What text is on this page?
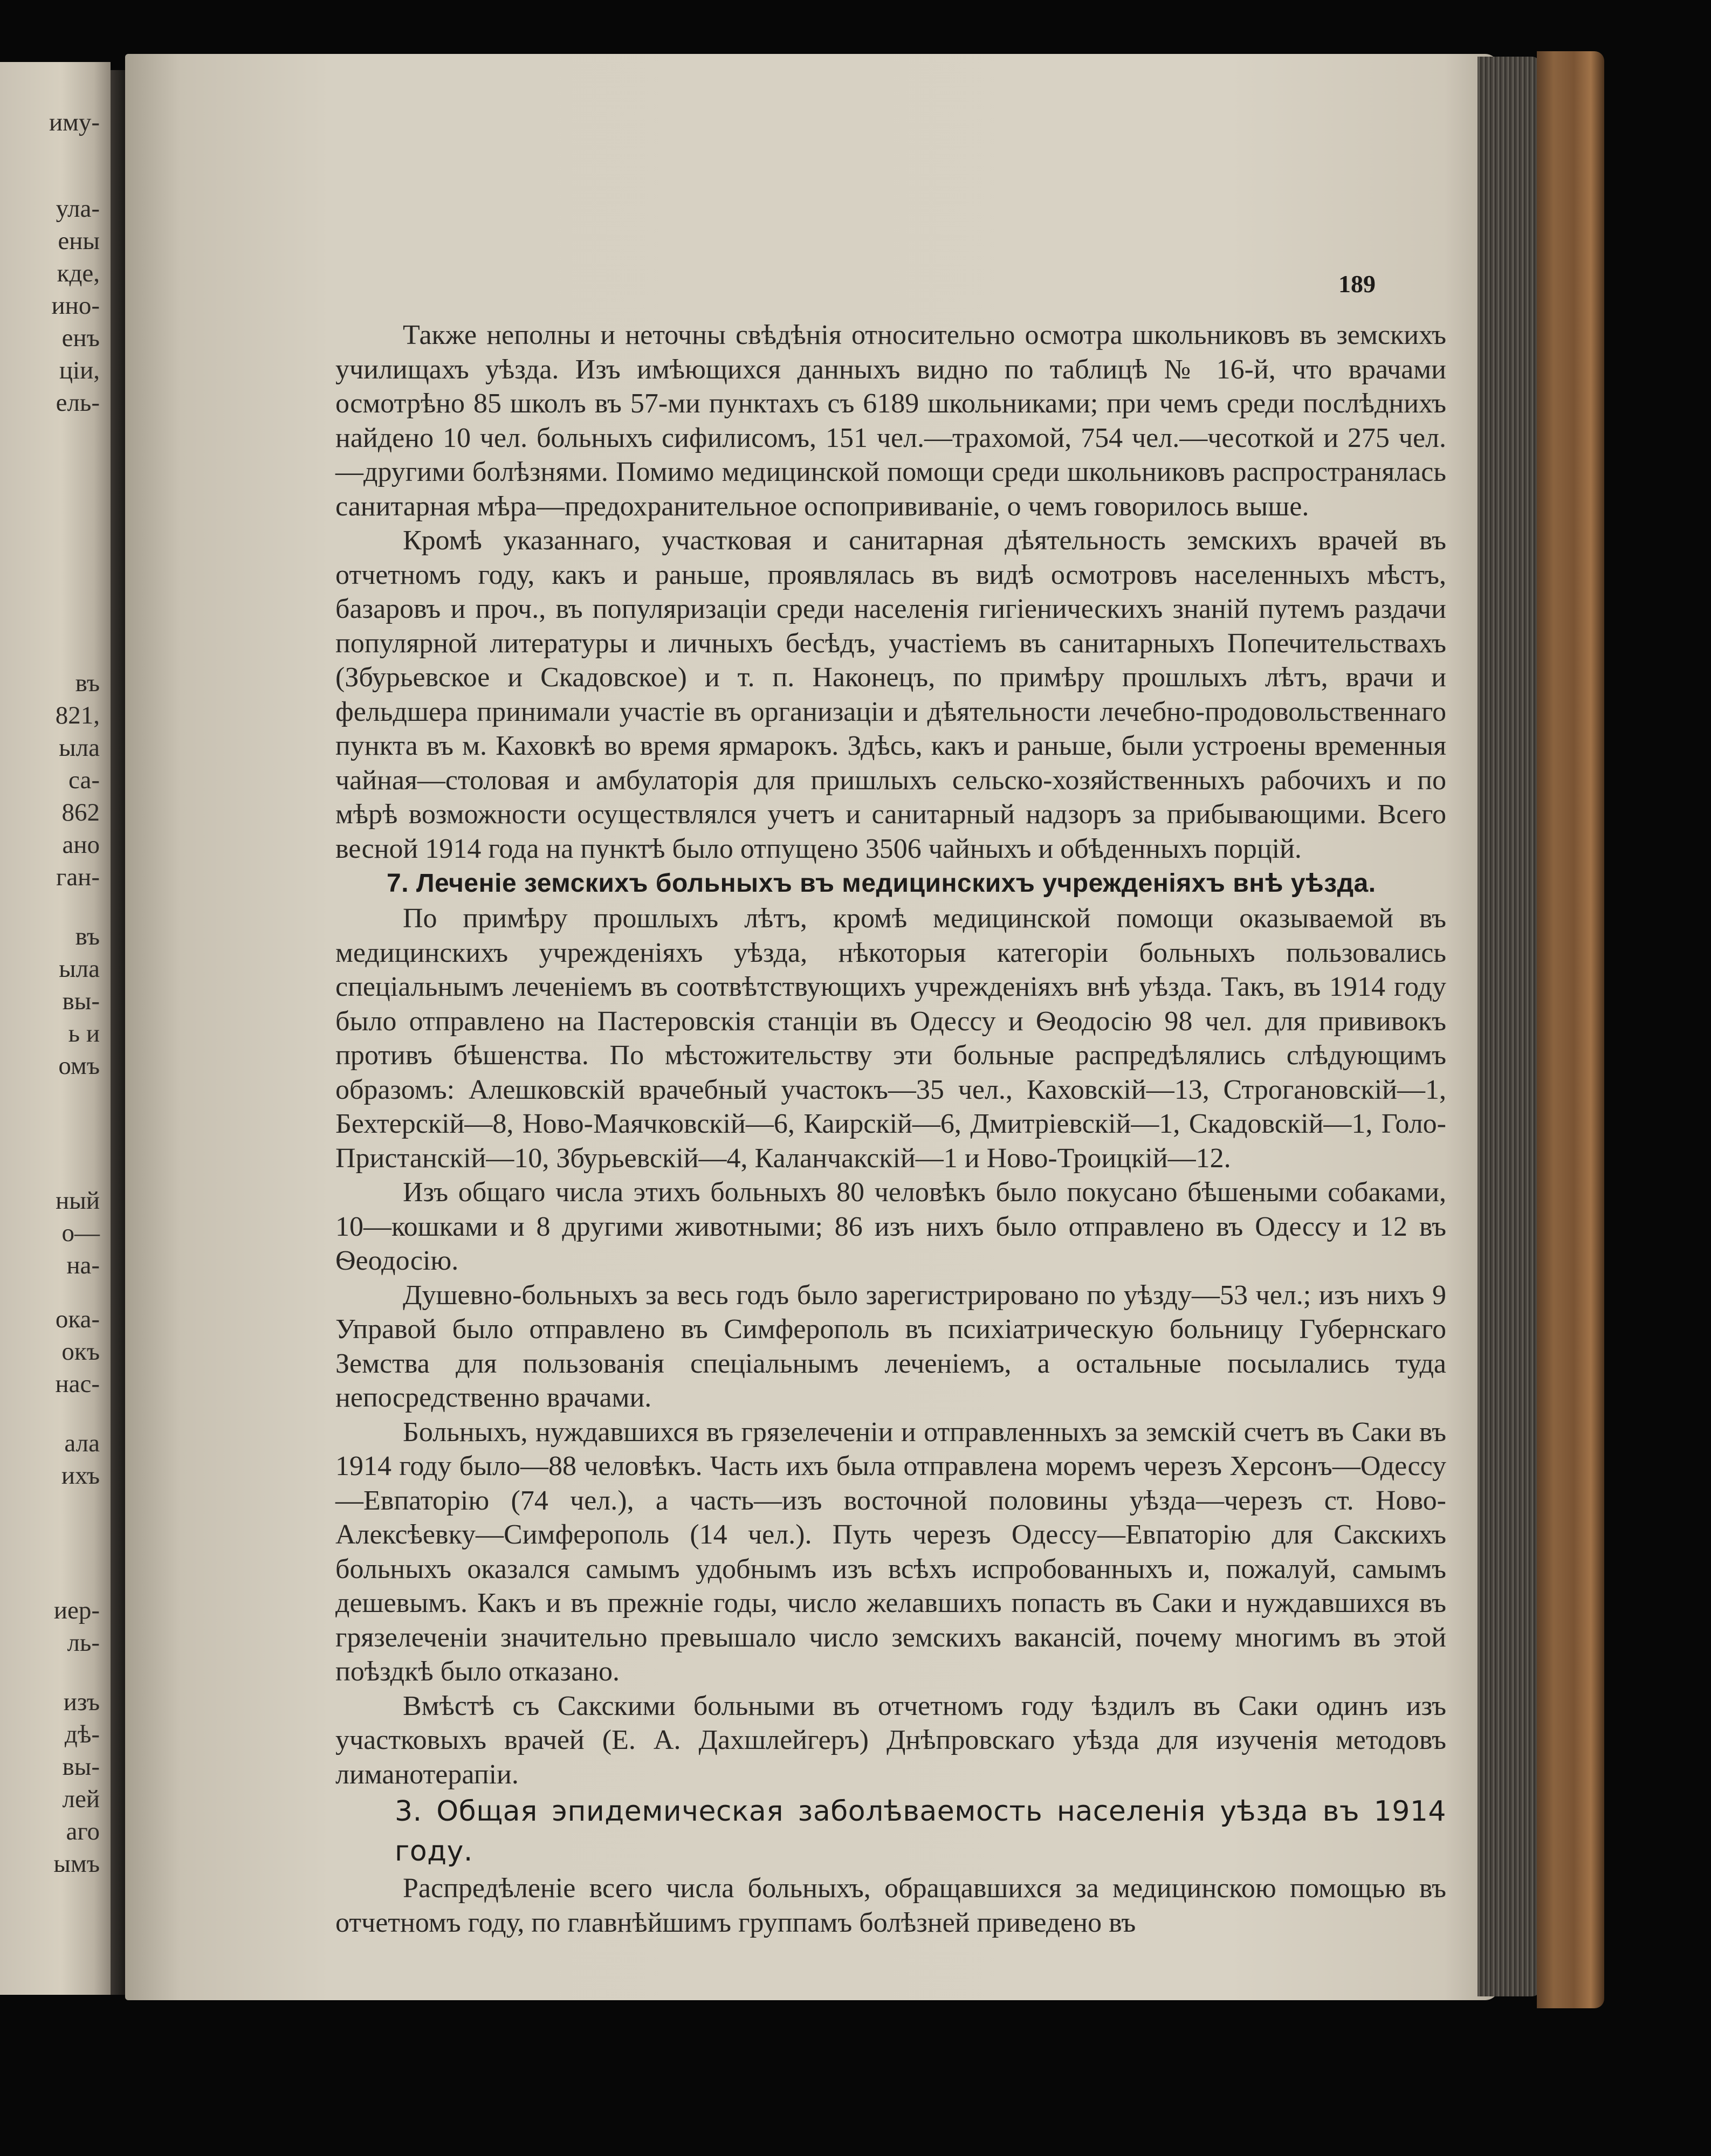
иму-
ула-
ены
кде,
ино-
енъ
ціи,
ель-
въ
821,
ыла
са-
862
ано
ган-
въ
ыла
вы-
ь и
омъ
ный
о—
на-
ока-
окъ
нас-
ала
ихъ
иер-
ль-
изъ
дѣ-
вы-
лей
аго
ымъ
189

Также неполны и неточны свѣдѣнія относительно осмотра школьниковъ въ земскихъ училищахъ уѣзда. Изъ имѣющихся данныхъ видно по таблицѣ № 16-й, что врачами осмотрѣно 85 школъ въ 57-ми пунктахъ съ 6189 школьниками; при чемъ среди послѣднихъ найдено 10 чел. больныхъ сифилисомъ, 151 чел.—трахомой, 754 чел.—чесоткой и 275 чел.—другими болѣзнями. Помимо медицинской помощи среди школьниковъ распространялась санитарная мѣра—предохранительное оспопрививаніе, о чемъ говорилось выше.

Кромѣ указаннаго, участковая и санитарная дѣятельность земскихъ врачей въ отчетномъ году, какъ и раньше, проявлялась въ видѣ осмотровъ населенныхъ мѣстъ, базаровъ и проч., въ популяризаціи среди населенія гигіеническихъ знаній путемъ раздачи популярной литературы и личныхъ бесѣдъ, участіемъ въ санитарныхъ Попечительствахъ (Збурьевское и Скадовское) и т. п. Наконецъ, по примѣру прошлыхъ лѣтъ, врачи и фельдшера принимали участіе въ организаціи и дѣятельности лечебно-продовольственнаго пункта въ м. Каховкѣ во время ярмарокъ. Здѣсь, какъ и раньше, были устроены временныя чайная—столовая и амбулаторія для пришлыхъ сельско-хозяйственныхъ рабочихъ и по мѣрѣ возможности осуществлялся учетъ и санитарный надзоръ за прибывающими. Всего весной 1914 года на пунктѣ было отпущено 3506 чайныхъ и обѣденныхъ порцій.

7. Леченіе земскихъ больныхъ въ медицинскихъ учрежденіяхъ внѣ уѣзда.

По примѣру прошлыхъ лѣтъ, кромѣ медицинской помощи оказываемой въ медицинскихъ учрежденіяхъ уѣзда, нѣкоторыя категоріи больныхъ пользовались спеціальнымъ леченіемъ въ соотвѣтствующихъ учрежденіяхъ внѣ уѣзда. Такъ, въ 1914 году было отправлено на Пастеровскія станціи въ Одессу и Ѳеодосію 98 чел. для прививокъ противъ бѣшенства. По мѣстожительству эти больные распредѣлялись слѣдующимъ образомъ: Алешковскій врачебный участокъ—35 чел., Каховскій—13, Строгановскій—1, Бехтерскій—8, Ново-Маячковскій—6, Каирскій—6, Дмитріевскій—1, Скадовскій—1, Голо-Пристанскій—10, Збурьевскій—4, Каланчакскій—1 и Ново-Троицкій—12.

Изъ общаго числа этихъ больныхъ 80 человѣкъ было покусано бѣшеными собаками, 10—кошками и 8 другими животными; 86 изъ нихъ было отправлено въ Одессу и 12 въ Ѳеодосію.

Душевно-больныхъ за весь годъ было зарегистрировано по уѣзду—53 чел.; изъ нихъ 9 Управой было отправлено въ Симферополь въ психіатрическую больницу Губернскаго Земства для пользованія спеціальнымъ леченіемъ, а остальные посылались туда непосредственно врачами.

Больныхъ, нуждавшихся въ грязелеченіи и отправленныхъ за земскій счетъ въ Саки въ 1914 году было—88 человѣкъ. Часть ихъ была отправлена моремъ черезъ Херсонъ—Одессу—Евпаторію (74 чел.), а часть—изъ восточной половины уѣзда—черезъ ст. Ново-Алексѣевку—Симферополь (14 чел.). Путь черезъ Одессу—Евпаторію для Сакскихъ больныхъ оказался самымъ удобнымъ изъ всѣхъ испробованныхъ и, пожалуй, самымъ дешевымъ. Какъ и въ прежніе годы, число желавшихъ попасть въ Саки и нуждавшихся въ грязелеченіи значительно превышало число земскихъ вакансій, почему многимъ въ этой поѣздкѣ было отказано.

Вмѣстѣ съ Сакскими больными въ отчетномъ году ѣздилъ въ Саки одинъ изъ участковыхъ врачей (Е. А. Дахшлейгеръ) Днѣпровскаго уѣзда для изученія методовъ лиманотерапіи.

3. Общая эпидемическая заболѣваемость населенія уѣзда въ 1914 году.

Распредѣленіе всего числа больныхъ, обращавшихся за медицинскою помощью въ отчетномъ году, по главнѣйшимъ группамъ болѣзней приведено въ
